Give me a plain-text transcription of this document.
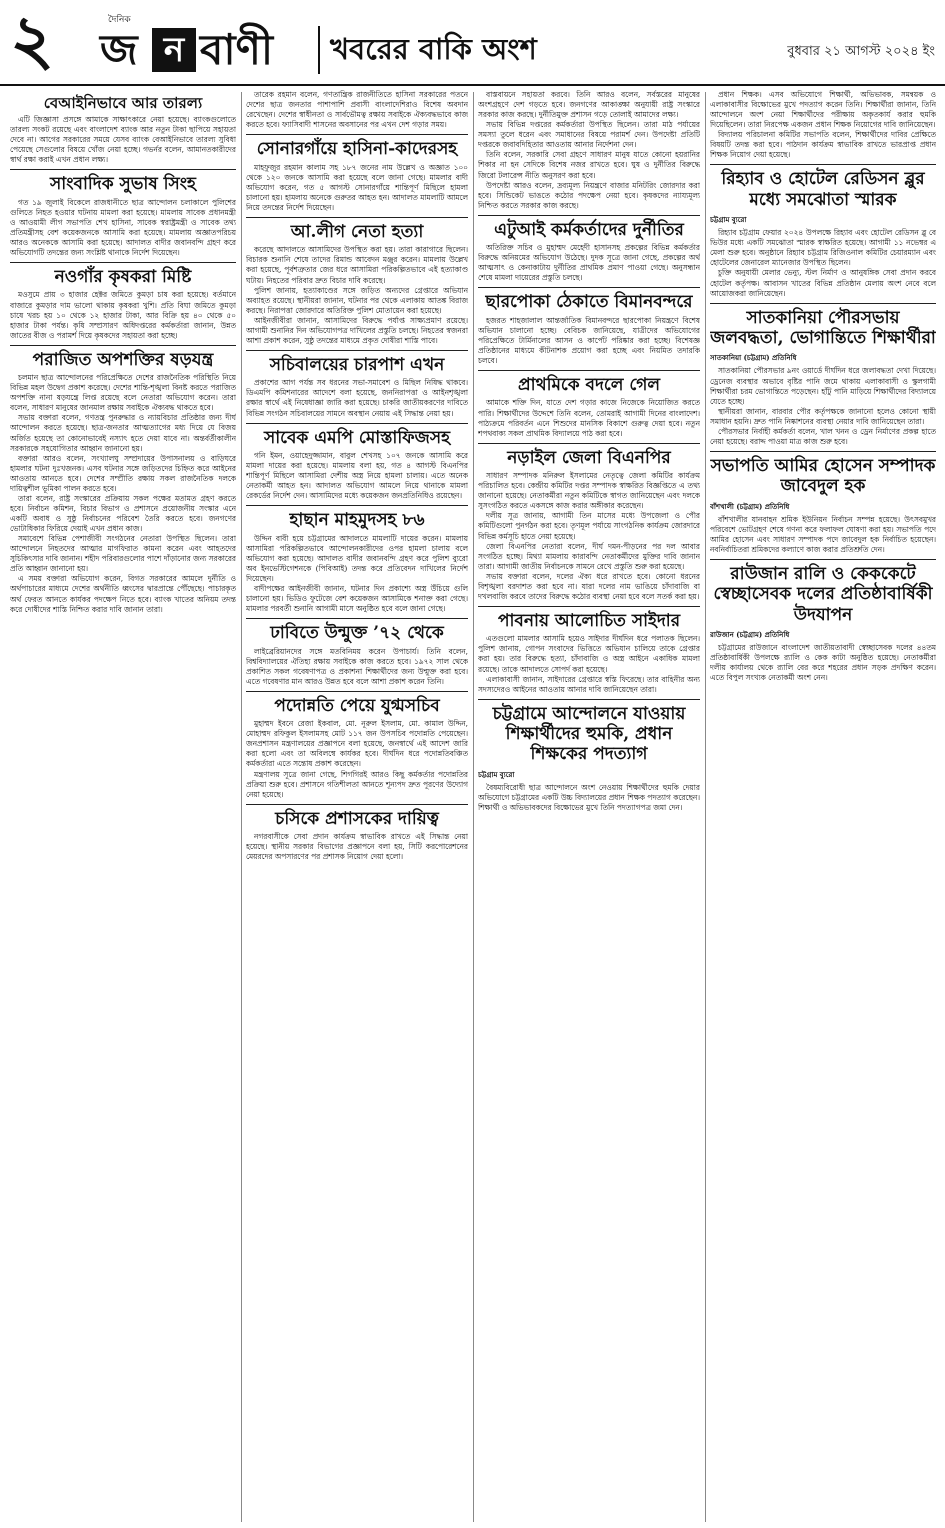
২	দৈনিক
জ ন বাণী খবরের বাকি অংশ	বুধবার ২১ আগস্ট ২০২৪ ইং
বেআইনিভাবে আর তারল্য

এটি জিজ্ঞাসা প্রসঙ্গে আমাকে সাক্ষাৎকারে নেয়া হয়েছে। ব্যাংকগুলোতে তারল্য সংকট রয়েছে এবং বাংলাদেশ ব্যাংক আর নতুন টাকা ছাপিয়ে সহায়তা দেবে না। আগের সরকারের সময়ে যেসব ব্যাংক বেআইনিভাবে তারল্য সুবিধা পেয়েছে সেগুলোর বিষয়ে খোঁজ নেয়া হচ্ছে। গভর্নর বলেন, আমানতকারীদের স্বার্থ রক্ষা করাই এখন প্রধান লক্ষ্য।

সাংবাদিক সুভাষ সিংহ

গত ১৯ জুলাই বিকেলে রাজধানীতে ছাত্র আন্দোলন চলাকালে পুলিশের গুলিতে নিহত হওয়ার ঘটনায় মামলা করা হয়েছে। মামলায় সাবেক প্রধানমন্ত্রী ও আওয়ামী লীগ সভাপতি শেখ হাসিনা, সাবেক স্বরাষ্ট্রমন্ত্রী ও সাবেক তথ্য প্রতিমন্ত্রীসহ বেশ কয়েকজনকে আসামি করা হয়েছে। মামলায় অজ্ঞাতপরিচয় আরও অনেককে আসামি করা হয়েছে। আদালত বাদীর জবানবন্দি গ্রহণ করে অভিযোগটি তদন্তের জন্য সংশ্লিষ্ট থানাকে নির্দেশ দিয়েছেন।

নওগাঁর কৃষকরা মিষ্টি

মওসুমে প্রায় ৩ হাজার হেক্টর জমিতে কুমড়া চাষ করা হয়েছে। বর্তমানে বাজারে কুমড়ার দাম ভালো থাকায় কৃষকরা খুশি। প্রতি বিঘা জমিতে কুমড়া চাষে খরচ হয় ১০ থেকে ১২ হাজার টাকা, আর বিক্রি হয় ৪০ থেকে ৫০ হাজার টাকা পর্যন্ত। কৃষি সম্প্রসারণ অধিদপ্তরের কর্মকর্তারা জানান, উন্নত জাতের বীজ ও পরামর্শ দিয়ে কৃষকদের সহায়তা করা হচ্ছে।

পরাজিত অপশক্তির ষড়যন্ত্র

চলমান ছাত্র আন্দোলনের পরিপ্রেক্ষিতে দেশের রাজনৈতিক পরিস্থিতি নিয়ে বিভিন্ন মহল উদ্বেগ প্রকাশ করেছে। দেশের শান্তি-শৃঙ্খলা বিনষ্ট করতে পরাজিত অপশক্তি নানা ষড়যন্ত্রে লিপ্ত রয়েছে বলে নেতারা অভিযোগ করেন। তারা বলেন, সাধারণ মানুষের জানমাল রক্ষায় সবাইকে ঐক্যবদ্ধ থাকতে হবে।

সভায় বক্তারা বলেন, গণতন্ত্র পুনরুদ্ধার ও ন্যায়বিচার প্রতিষ্ঠার জন্য দীর্ঘ আন্দোলন করতে হয়েছে। ছাত্র-জনতার আত্মত্যাগের মধ্য দিয়ে যে বিজয় অর্জিত হয়েছে তা কোনোভাবেই নস্যাৎ হতে দেয়া যাবে না। অন্তর্বর্তীকালীন সরকারকে সহযোগিতার আহ্বান জানানো হয়।

বক্তারা আরও বলেন, সংখ্যালঘু সম্প্রদায়ের উপাসনালয় ও বাড়িঘরে হামলার ঘটনা দুঃখজনক। এসব ঘটনার সঙ্গে জড়িতদের চিহ্নিত করে আইনের আওতায় আনতে হবে। দেশের সম্প্রীতি রক্ষায় সকল রাজনৈতিক দলকে দায়িত্বশীল ভূমিকা পালন করতে হবে।

তারা বলেন, রাষ্ট্র সংস্কারের প্রক্রিয়ায় সকল পক্ষের মতামত গ্রহণ করতে হবে। নির্বাচন কমিশন, বিচার বিভাগ ও প্রশাসনে প্রয়োজনীয় সংস্কার এনে একটি অবাধ ও সুষ্ঠু নির্বাচনের পরিবেশ তৈরি করতে হবে। জনগণের ভোটাধিকার ফিরিয়ে দেয়াই এখন প্রধান কাজ।

সমাবেশে বিভিন্ন পেশাজীবী সংগঠনের নেতারা উপস্থিত ছিলেন। তারা আন্দোলনে নিহতদের আত্মার মাগফিরাত কামনা করেন এবং আহতদের সুচিকিৎসার দাবি জানান। শহীদ পরিবারগুলোর পাশে দাঁড়ানোর জন্য সরকারের প্রতি আহ্বান জানানো হয়।

এ সময় বক্তারা অভিযোগ করেন, বিগত সরকারের আমলে দুর্নীতি ও অর্থপাচারের মাধ্যমে দেশের অর্থনীতি ধ্বংসের দ্বারপ্রান্তে পৌঁছেছে। পাচারকৃত অর্থ ফেরত আনতে কার্যকর পদক্ষেপ নিতে হবে। ব্যাংক খাতের অনিয়ম তদন্ত করে দোষীদের শাস্তি নিশ্চিত করার দাবি জানান তারা।

তারেক রহমান বলেন, গণতান্ত্রিক রাজনীতিতে হাসিনা সরকারের পতনে দেশের ছাত্র জনতার পাশাপাশি প্রবাসী বাংলাদেশিরাও বিশেষ অবদান রেখেছেন। দেশের স্বাধীনতা ও সার্বভৌমত্ব রক্ষায় সবাইকে ঐক্যবদ্ধভাবে কাজ করতে হবে। ফ্যাসিবাদী শাসনের অবসানের পর এখন দেশ গড়ার সময়।

সোনারগাঁয়ে হাসিনা-কাদেরসহ

মাহফুজুর রহমান কালাম সহ ১৮৭ জনের নাম উল্লেখ ও অজ্ঞাত ১০০ থেকে ১২০ জনকে আসামি করা হয়েছে বলে জানা গেছে। মামলার বাদী অভিযোগ করেন, গত ৫ আগস্ট সোনারগাঁয়ে শান্তিপূর্ণ মিছিলে হামলা চালানো হয়। হামলায় অনেকে গুরুতর আহত হন। আদালত মামলাটি আমলে নিয়ে তদন্তের নির্দেশ দিয়েছেন।

আ.লীগ নেতা হত্যা

করেছে আদালতে আসামিদের উপস্থিত করা হয়। তারা কারাগারে ছিলেন। বিচারক শুনানি শেষে তাদের রিমান্ড আবেদন মঞ্জুর করেন। মামলায় উল্লেখ করা হয়েছে, পূর্বশত্রুতার জের ধরে আসামিরা পরিকল্পিতভাবে এই হত্যাকাণ্ড ঘটায়। নিহতের পরিবার দ্রুত বিচার দাবি করেছে।

পুলিশ জানায়, হত্যাকাণ্ডের সঙ্গে জড়িত অন্যদের গ্রেপ্তারে অভিযান অব্যাহত রয়েছে। স্থানীয়রা জানান, ঘটনার পর থেকে এলাকায় আতঙ্ক বিরাজ করছে। নিরাপত্তা জোরদারে অতিরিক্ত পুলিশ মোতায়েন করা হয়েছে।

আইনজীবীরা জানান, আসামিদের বিরুদ্ধে পর্যাপ্ত সাক্ষ্যপ্রমাণ রয়েছে। আগামী শুনানির দিন অভিযোগপত্র দাখিলের প্রস্তুতি চলছে। নিহতের স্বজনরা আশা প্রকাশ করেন, সুষ্ঠু তদন্তের মাধ্যমে প্রকৃত দোষীরা শাস্তি পাবে।

সচিবালয়ের চারপাশ এখন

প্রকাশের আগ পর্যন্ত সব ধরনের সভা-সমাবেশ ও মিছিল নিষিদ্ধ থাকবে। ডিএমপি কমিশনারের আদেশে বলা হয়েছে, জননিরাপত্তা ও আইনশৃঙ্খলা রক্ষার স্বার্থে এই নিষেধাজ্ঞা জারি করা হয়েছে। চাকরি জাতীয়করণের দাবিতে বিভিন্ন সংগঠন সচিবালয়ের সামনে অবস্থান নেয়ায় এই সিদ্ধান্ত নেয়া হয়।

সাবেক এমপি মোস্তাফিজসহ

গনি ইমন, ওয়াহেদুজ্জামান, বাবুল শেখসহ ১০৭ জনকে আসামি করে মামলা দায়ের করা হয়েছে। মামলায় বলা হয়, গত ৪ আগস্ট বিএনপির শান্তিপূর্ণ মিছিলে আসামিরা দেশীয় অস্ত্র নিয়ে হামলা চালায়। এতে অনেক নেতাকর্মী আহত হন। আদালত অভিযোগ আমলে নিয়ে থানাকে মামলা রেকর্ডের নির্দেশ দেন। আসামিদের মধ্যে কয়েকজন জনপ্রতিনিধিও রয়েছেন।

হাছান মাহমুদসহ ৮৬

উদ্দিন বাবী হয়ে চট্টগ্রামের আদালতে মামলাটি দায়ের করেন। মামলায় আসামিরা পরিকল্পিতভাবে আন্দোলনকারীদের ওপর হামলা চালায় বলে অভিযোগ করা হয়েছে। আদালত বাদীর জবানবন্দি গ্রহণ করে পুলিশ ব্যুরো অব ইনভেস্টিগেশনকে (পিবিআই) তদন্ত করে প্রতিবেদন দাখিলের নির্দেশ দিয়েছেন।

বাদীপক্ষের আইনজীবী জানান, ঘটনার দিন প্রকাশ্যে অস্ত্র উঁচিয়ে গুলি চালানো হয়। ভিডিও ফুটেজে বেশ কয়েকজন আসামিকে শনাক্ত করা গেছে। মামলার পরবর্তী শুনানি আগামী মাসে অনুষ্ঠিত হবে বলে জানা গেছে।

ঢাবিতে উন্মুক্ত ’৭২ থেকে

লাইব্রেরিয়ানদের সঙ্গে মতবিনিময় করেন উপাচার্য। তিনি বলেন, বিশ্ববিদ্যালয়ের ঐতিহ্য রক্ষায় সবাইকে কাজ করতে হবে। ১৯৭২ সাল থেকে প্রকাশিত সকল গবেষণাপত্র ও প্রকাশনা শিক্ষার্থীদের জন্য উন্মুক্ত করা হবে। এতে গবেষণার মান আরও উন্নত হবে বলে আশা প্রকাশ করেন তিনি।

পদোন্নতি পেয়ে যুগ্মসচিব

মুহাম্মদ ইবনে রেজা ইকবাল, মো. নূরুল ইসলাম, মো. কামাল উদ্দিন, মোহাম্মদ রফিকুল ইসলামসহ মোট ১১৭ জন উপসচিব পদোন্নতি পেয়েছেন। জনপ্রশাসন মন্ত্রণালয়ের প্রজ্ঞাপনে বলা হয়েছে, জনস্বার্থে এই আদেশ জারি করা হলো এবং তা অবিলম্বে কার্যকর হবে। দীর্ঘদিন ধরে পদোন্নতিবঞ্চিত কর্মকর্তারা এতে সন্তোষ প্রকাশ করেছেন।

মন্ত্রণালয় সূত্রে জানা গেছে, শিগগিরই আরও কিছু কর্মকর্তার পদোন্নতির প্রক্রিয়া শুরু হবে। প্রশাসনে গতিশীলতা আনতে শূন্যপদ দ্রুত পূরণের উদ্যোগ নেয়া হয়েছে।

চসিকে প্রশাসকের দায়িত্ব

নগরবাসীকে সেবা প্রদান কার্যক্রম স্বাভাবিক রাখতে এই সিদ্ধান্ত নেয়া হয়েছে। স্থানীয় সরকার বিভাগের প্রজ্ঞাপনে বলা হয়, সিটি করপোরেশনের মেয়রদের অপসারণের পর প্রশাসক নিয়োগ দেয়া হলো।

বাস্তবায়নে সহায়তা করবে। তিনি আরও বলেন, সর্বস্তরের মানুষের অংশগ্রহণে দেশ গড়তে হবে। জনগণের আকাঙ্ক্ষা অনুযায়ী রাষ্ট্র সংস্কারে সরকার কাজ করছে। দুর্নীতিমুক্ত প্রশাসন গড়ে তোলাই আমাদের লক্ষ্য।

সভায় বিভিন্ন দপ্তরের কর্মকর্তারা উপস্থিত ছিলেন। তারা মাঠ পর্যায়ের সমস্যা তুলে ধরেন এবং সমাধানের বিষয়ে পরামর্শ দেন। উপদেষ্টা প্রতিটি দপ্তরকে জবাবদিহিতার আওতায় আনার নির্দেশনা দেন।

তিনি বলেন, সরকারি সেবা গ্রহণে সাধারণ মানুষ যাতে কোনো হয়রানির শিকার না হন সেদিকে বিশেষ নজর রাখতে হবে। ঘুষ ও দুর্নীতির বিরুদ্ধে জিরো টলারেন্স নীতি অনুসরণ করা হবে।

উপদেষ্টা আরও বলেন, দ্রব্যমূল্য নিয়ন্ত্রণে বাজার মনিটরিং জোরদার করা হবে। সিন্ডিকেট ভাঙতে কঠোর পদক্ষেপ নেয়া হবে। কৃষকদের ন্যায্যমূল্য নিশ্চিত করতে সরকার কাজ করছে।

এটুআই কর্মকর্তাদের দুর্নীতির

অতিরিক্ত সচিব ও মুহাম্মদ মেহেদী হাসানসহ প্রকল্পের বিভিন্ন কর্মকর্তার বিরুদ্ধে অনিয়মের অভিযোগ উঠেছে। দুদক সূত্রে জানা গেছে, প্রকল্পের অর্থ আত্মসাৎ ও কেনাকাটায় দুর্নীতির প্রাথমিক প্রমাণ পাওয়া গেছে। অনুসন্ধান শেষে মামলা দায়েরের প্রস্তুতি চলছে।

ছারপোকা ঠেকাতে বিমানবন্দরে

হজরত শাহজালাল আন্তর্জাতিক বিমানবন্দরে ছারপোকা নিয়ন্ত্রণে বিশেষ অভিযান চালানো হচ্ছে। বেবিচক জানিয়েছে, যাত্রীদের অভিযোগের পরিপ্রেক্ষিতে টার্মিনালের আসন ও কার্পেট পরিষ্কার করা হচ্ছে। বিশেষজ্ঞ প্রতিষ্ঠানের মাধ্যমে কীটনাশক প্রয়োগ করা হচ্ছে এবং নিয়মিত তদারকি চলবে।

প্রাথমিকে বদলে গেল

আমাকে শক্তি দিন, যাতে দেশ গড়ার কাজে নিজেকে নিয়োজিত করতে পারি। শিক্ষার্থীদের উদ্দেশে তিনি বলেন, তোমরাই আগামী দিনের বাংলাদেশ। পাঠ্যক্রমে পরিবর্তন এনে শিশুদের মানসিক বিকাশে গুরুত্ব দেয়া হবে। নতুন শপথবাক্য সকল প্রাথমিক বিদ্যালয়ে পাঠ করা হবে।

নড়াইল জেলা বিএনপির

সাধারণ সম্পাদক মনিরুল ইসলামের নেতৃত্বে জেলা কমিটির কার্যক্রম পরিচালিত হবে। কেন্দ্রীয় কমিটির দপ্তর সম্পাদক স্বাক্ষরিত বিজ্ঞপ্তিতে এ তথ্য জানানো হয়েছে। নেতাকর্মীরা নতুন কমিটিকে স্বাগত জানিয়েছেন এবং দলকে সুসংগঠিত করতে একসঙ্গে কাজ করার অঙ্গীকার করেছেন।

দলীয় সূত্র জানায়, আগামী তিন মাসের মধ্যে উপজেলা ও পৌর কমিটিগুলো পুনর্গঠন করা হবে। তৃণমূল পর্যায়ে সাংগঠনিক কার্যক্রম জোরদারে বিভিন্ন কর্মসূচি হাতে নেয়া হয়েছে।

জেলা বিএনপির নেতারা বলেন, দীর্ঘ দমন-পীড়নের পর দল আবার সংগঠিত হচ্ছে। মিথ্যা মামলায় কারাবন্দি নেতাকর্মীদের মুক্তির দাবি জানান তারা। আগামী জাতীয় নির্বাচনকে সামনে রেখে প্রস্তুতি শুরু করা হয়েছে।

সভায় বক্তারা বলেন, দলের ঐক্য ধরে রাখতে হবে। কোনো ধরনের বিশৃঙ্খলা বরদাশত করা হবে না। যারা দলের নাম ভাঙিয়ে চাঁদাবাজি বা দখলবাজি করবে তাদের বিরুদ্ধে কঠোর ব্যবস্থা নেয়া হবে বলে সতর্ক করা হয়।

পাবনায় আলোচিত সাইদার

এতগুলো মামলার আসামি হয়েও সাইদার দীর্ঘদিন ধরে পলাতক ছিলেন। পুলিশ জানায়, গোপন সংবাদের ভিত্তিতে অভিযান চালিয়ে তাকে গ্রেপ্তার করা হয়। তার বিরুদ্ধে হত্যা, চাঁদাবাজি ও অস্ত্র আইনে একাধিক মামলা রয়েছে। তাকে আদালতে সোপর্দ করা হয়েছে।

এলাকাবাসী জানান, সাইদারের গ্রেপ্তারে স্বস্তি ফিরেছে। তার বাহিনীর অন্য সদস্যদেরও আইনের আওতায় আনার দাবি জানিয়েছেন তারা।

চট্টগ্রামে আন্দোলনে যাওয়ায় শিক্ষার্থীদের হুমকি, প্রধান শিক্ষকের পদত্যাগ
চট্টগ্রাম ব্যুরো

বৈষম্যবিরোধী ছাত্র আন্দোলনে অংশ নেওয়ায় শিক্ষার্থীদের হুমকি দেয়ার অভিযোগে চট্টগ্রামের একটি উচ্চ বিদ্যালয়ের প্রধান শিক্ষক পদত্যাগ করেছেন। শিক্ষার্থী ও অভিভাবকদের বিক্ষোভের মুখে তিনি পদত্যাগপত্র জমা দেন।

প্রধান শিক্ষক। এসব অভিযোগে শিক্ষার্থী, অভিভাবক, সমন্বয়ক ও এলাকাবাসীর বিক্ষোভের মুখে পদত্যাগ করেন তিনি। শিক্ষার্থীরা জানান, তিনি আন্দোলনে অংশ নেয়া শিক্ষার্থীদের পরীক্ষায় অকৃতকার্য করার হুমকি দিয়েছিলেন। তারা নিরপেক্ষ একজন প্রধান শিক্ষক নিয়োগের দাবি জানিয়েছেন।

বিদ্যালয় পরিচালনা কমিটির সভাপতি বলেন, শিক্ষার্থীদের দাবির প্রেক্ষিতে বিষয়টি তদন্ত করা হবে। পাঠদান কার্যক্রম স্বাভাবিক রাখতে ভারপ্রাপ্ত প্রধান শিক্ষক নিয়োগ দেয়া হয়েছে।

রিহ্যাব ও হোটেল রেডিসন ব্লুর মধ্যে সমঝোতা স্মারক
চট্টগ্রাম ব্যুরো

রিহ্যাব চট্টগ্রাম ফেয়ার ২০২৪ উপলক্ষে রিহ্যাব এবং হোটেল রেডিসন ব্লু বে ভিউর মধ্যে একটি সমঝোতা স্মারক স্বাক্ষরিত হয়েছে। আগামী ১১ নভেম্বর এ মেলা শুরু হবে। অনুষ্ঠানে রিহ্যাব চট্টগ্রাম রিজিওনাল কমিটির চেয়ারম্যান এবং হোটেলের জেনারেল ম্যানেজার উপস্থিত ছিলেন।

চুক্তি অনুযায়ী মেলার ভেন্যু, স্টল নির্মাণ ও আনুষঙ্গিক সেবা প্রদান করবে হোটেল কর্তৃপক্ষ। আবাসন খাতের বিভিন্ন প্রতিষ্ঠান মেলায় অংশ নেবে বলে আয়োজকরা জানিয়েছেন।

সাতকানিয়া পৌরসভায় জলবদ্ধতা, ভোগান্তিতে শিক্ষার্থীরা
সাতকানিয়া (চট্টগ্রাম) প্রতিনিধি

সাতকানিয়া পৌরসভার ৯নং ওয়ার্ডে দীর্ঘদিন ধরে জলাবদ্ধতা দেখা দিয়েছে। ড্রেনেজ ব্যবস্থার অভাবে বৃষ্টির পানি জমে থাকায় এলাকাবাসী ও স্কুলগামী শিক্ষার্থীরা চরম ভোগান্তিতে পড়েছেন। হাঁটু পানি মাড়িয়ে শিক্ষার্থীদের বিদ্যালয়ে যেতে হচ্ছে।

স্থানীয়রা জানান, বারবার পৌর কর্তৃপক্ষকে জানানো হলেও কোনো স্থায়ী সমাধান হয়নি। দ্রুত পানি নিষ্কাশনের ব্যবস্থা নেয়ার দাবি জানিয়েছেন তারা।

পৌরসভার নির্বাহী কর্মকর্তা বলেন, খাল খনন ও ড্রেন নির্মাণের প্রকল্প হাতে নেয়া হয়েছে। বরাদ্দ পাওয়া মাত্র কাজ শুরু হবে।

সভাপতি আমির হোসেন সম্পাদক জাবেদুল হক
বাঁশখালী (চট্টগ্রাম) প্রতিনিধি

বাঁশখালীর যানবাহন শ্রমিক ইউনিয়ন নির্বাচন সম্পন্ন হয়েছে। উৎসবমুখর পরিবেশে ভোটগ্রহণ শেষে গণনা করে ফলাফল ঘোষণা করা হয়। সভাপতি পদে আমির হোসেন এবং সাধারণ সম্পাদক পদে জাবেদুল হক নির্বাচিত হয়েছেন। নবনির্বাচিতরা শ্রমিকদের কল্যাণে কাজ করার প্রতিশ্রুতি দেন।

রাউজান রালি ও কেককেটে স্বেচ্ছাসেবক দলের প্রতিষ্ঠাবার্ষিকী উদযাপন
রাউজান (চট্টগ্রাম) প্রতিনিধি

চট্টগ্রামের রাউজানে বাংলাদেশ জাতীয়তাবাদী স্বেচ্ছাসেবক দলের ৪৪তম প্রতিষ্ঠাবার্ষিকী উপলক্ষে র‍্যালি ও কেক কাটা অনুষ্ঠিত হয়েছে। নেতাকর্মীরা দলীয় কার্যালয় থেকে র‍্যালি বের করে শহরের প্রধান সড়ক প্রদক্ষিণ করেন। এতে বিপুল সংখ্যক নেতাকর্মী অংশ নেন।
